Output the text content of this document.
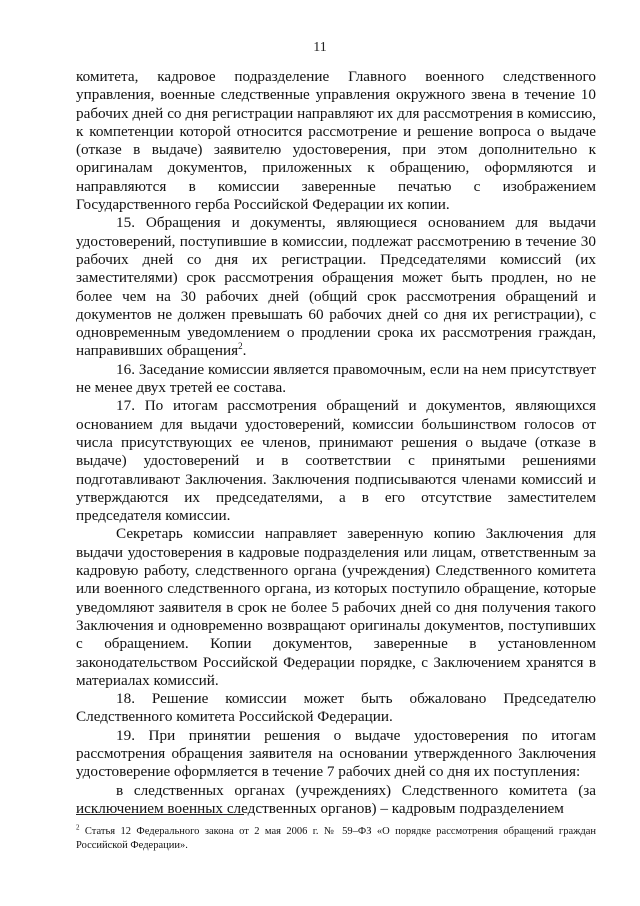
11

комитета, кадровое подразделение Главного военного следственного управления, военные следственные управления окружного звена в течение 10 рабочих дней со дня регистрации направляют их для рассмотрения в комиссию, к компетенции которой относится рассмотрение и решение вопроса о выдаче (отказе в выдаче) заявителю удостоверения, при этом дополнительно к оригиналам документов, приложенных к обращению, оформляются и направляются в комиссии заверенные печатью с изображением Государственного герба Российской Федерации их копии.

15. Обращения и документы, являющиеся основанием для выдачи удостоверений, поступившие в комиссии, подлежат рассмотрению в течение 30 рабочих дней со дня их регистрации. Председателями комиссий (их заместителями) срок рассмотрения обращения может быть продлен, но не более чем на 30 рабочих дней (общий срок рассмотрения обращений и документов не должен превышать 60 рабочих дней со дня их регистрации), с одновременным уведомлением о продлении срока их рассмотрения граждан, направивших обращения$^2$.

16. Заседание комиссии является правомочным, если на нем присутствует не менее двух третей ее состава.

17. По итогам рассмотрения обращений и документов, являющихся основанием для выдачи удостоверений, комиссии большинством голосов от числа присутствующих ее членов, принимают решения о выдаче (отказе в выдаче) удостоверений и в соответствии с принятыми решениями подготавливают Заключения. Заключения подписываются членами комиссий и утверждаются их председателями, а в его отсутствие заместителем председателя комиссии.

Секретарь комиссии направляет заверенную копию Заключения для выдачи удостоверения в кадровые подразделения или лицам, ответственным за кадровую работу, следственного органа (учреждения) Следственного комитета или военного следственного органа, из которых поступило обращение, которые уведомляют заявителя в срок не более 5 рабочих дней со дня получения такого Заключения и одновременно возвращают оригиналы документов, поступивших с обращением. Копии документов, заверенные в установленном законодательством Российской Федерации порядке, с Заключением хранятся в материалах комиссий.

18. Решение комиссии может быть обжаловано Председателю Следственного комитета Российской Федерации.

19. При принятии решения о выдаче удостоверения по итогам рассмотрения обращения заявителя на основании утвержденного Заключения удостоверение оформляется в течение 7 рабочих дней со дня их поступления:

в следственных органах (учреждениях) Следственного комитета (за исключением военных следственных органов) – кадровым подразделением

$^2$ Статья 12 Федерального закона от 2 мая 2006 г. № 59–ФЗ «О порядке рассмотрения обращений граждан Российской Федерации».
